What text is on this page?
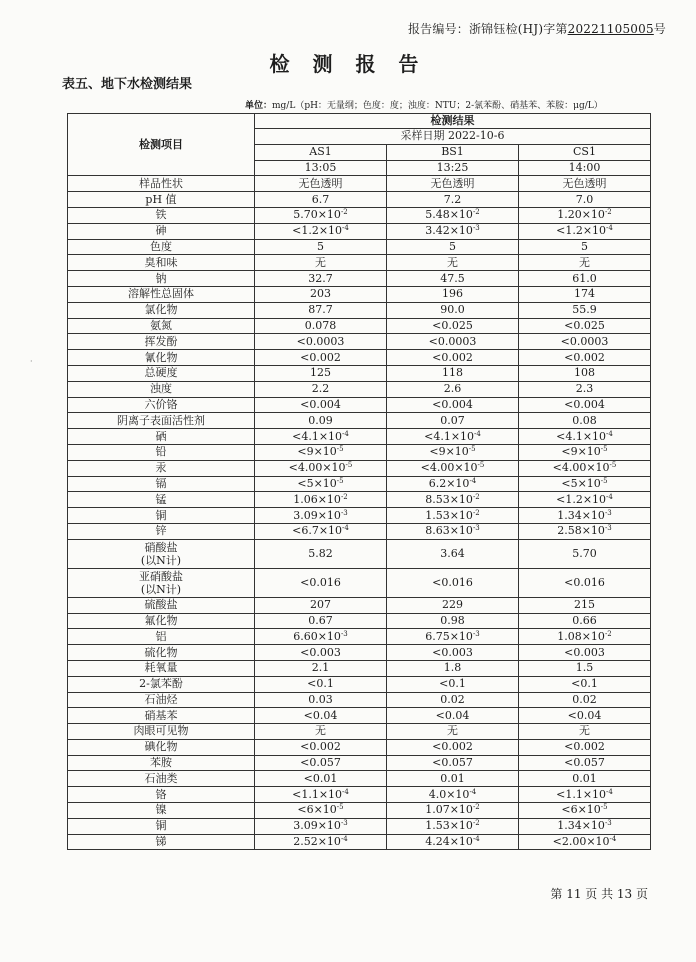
报告编号：浙锦钰检(HJ)字第20221105005号
检 测 报 告
表五、地下水检测结果
单位：mg/L（pH：无量纲；色度：度；浊度：NTU；2-氯苯酚、硝基苯、苯胺：μg/L）
·
检测项目	检测结果		
	采样日期 2022-10-6		
	AS1	BS1	CS1
	13:05	13:25	14:00
样品性状	无色透明	无色透明	无色透明
pH 值	6.7	7.2	7.0
铁	$5.70\times 10^{-2}$	$5.48\times 10^{-2}$	$1.20\times 10^{-2}$
砷	$<1.2\times 10^{-4}$	$3.42\times 10^{-3}$	$<1.2\times 10^{-4}$
色度	5	5	5
臭和味	无	无	无
钠	32.7	47.5	61.0
溶解性总固体	203	196	174
氯化物	87.7	90.0	55.9
氨氮	0.078	<0.025	<0.025
挥发酚	<0.0003	<0.0003	<0.0003
氰化物	<0.002	<0.002	<0.002
总硬度	125	118	108
浊度	2.2	2.6	2.3
六价铬	<0.004	<0.004	<0.004
阴离子表面活性剂	0.09	0.07	0.08
硒	$<4.1\times 10^{-4}$	$<4.1\times 10^{-4}$	$<4.1\times 10^{-4}$
铅	$<9\times 10^{-5}$	$<9\times 10^{-5}$	$<9\times 10^{-5}$
汞	$<4.00\times 10^{-5}$	$<4.00\times 10^{-5}$	$<4.00\times 10^{-5}$
镉	$<5\times 10^{-5}$	$6.2\times 10^{-4}$	$<5\times 10^{-5}$
锰	$1.06\times 10^{-2}$	$8.53\times 10^{-2}$	$<1.2\times 10^{-4}$
铜	$3.09\times 10^{-3}$	$1.53\times 10^{-2}$	$1.34\times 10^{-3}$
锌	$<6.7\times 10^{-4}$	$8.63\times 10^{-3}$	$2.58\times 10^{-3}$
硝酸盐
(以N计)	5.82	3.64	5.70
亚硝酸盐
(以N计)	<0.016	<0.016	<0.016
硫酸盐	207	229	215
氟化物	0.67	0.98	0.66
铝	$6.60\times 10^{-3}$	$6.75\times 10^{-3}$	$1.08\times 10^{-2}$
硫化物	<0.003	<0.003	<0.003
耗氧量	2.1	1.8	1.5
2-氯苯酚	<0.1	<0.1	<0.1
石油烃	0.03	0.02	0.02
硝基苯	<0.04	<0.04	<0.04
肉眼可见物	无	无	无
碘化物	<0.002	<0.002	<0.002
苯胺	<0.057	<0.057	<0.057
石油类	<0.01	0.01	0.01
铬	$<1.1\times 10^{-4}$	$4.0\times 10^{-4}$	$<1.1\times 10^{-4}$
镍	$<6\times 10^{-5}$	$1.07\times 10^{-2}$	$<6\times 10^{-5}$
铜	$3.09\times 10^{-3}$	$1.53\times 10^{-2}$	$1.34\times 10^{-3}$
锑	$2.52\times 10^{-4}$	$4.24\times 10^{-4}$	$<2.00\times 10^{-4}$
第 11 页 共 13 页
